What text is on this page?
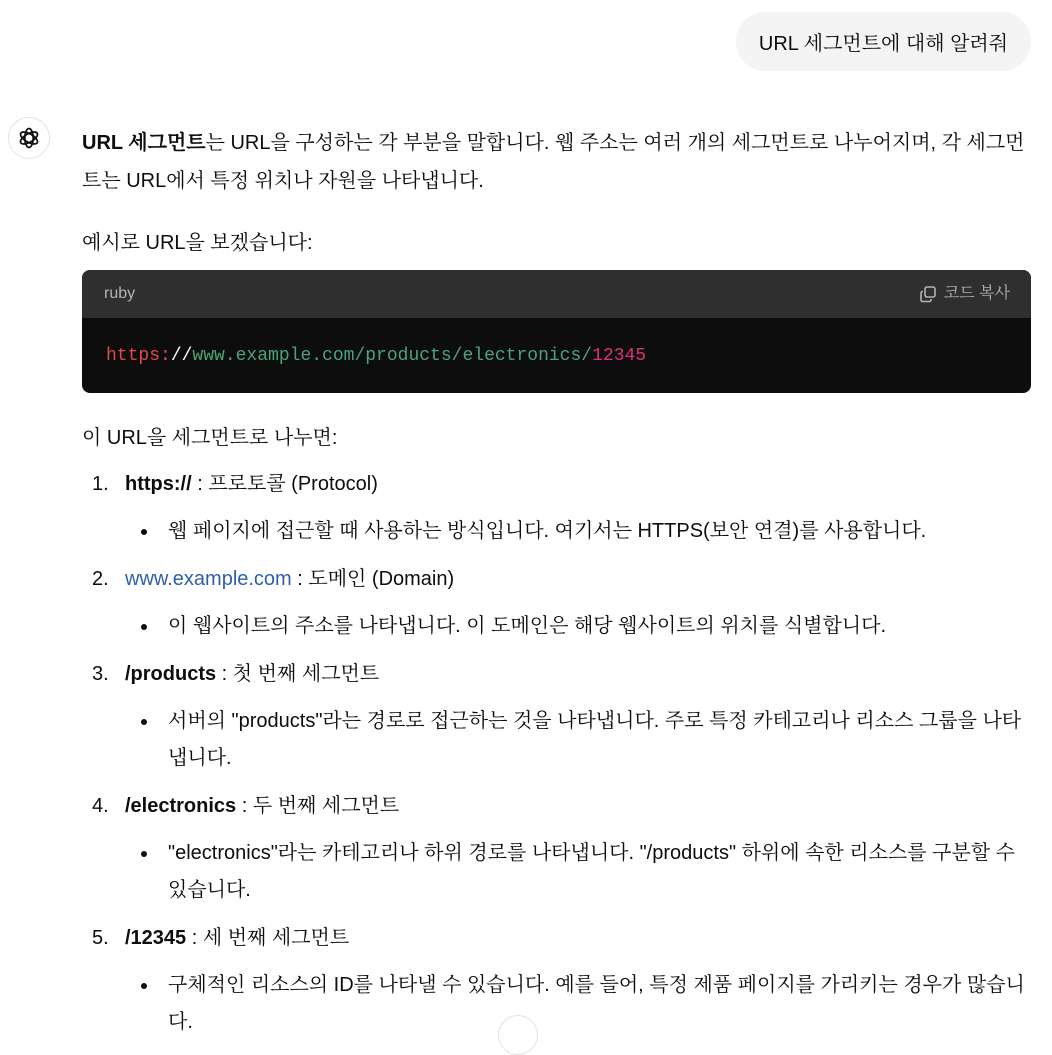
URL 세그먼트에 대해 알려줘

URL 세그먼트는 URL을 구성하는 각 부분을 말합니다. 웹 주소는 여러 개의 세그먼트로 나누어지며, 각 세그먼트는 URL에서 특정 위치나 자원을 나타냅니다.

예시로 URL을 보겠습니다:

ruby	코드 복사
https: // www.example.com/products/electronics/ 12345

이 URL을 세그먼트로 나누면:

1. https:// : 프로토콜 (Protocol)
웹 페이지에 접근할 때 사용하는 방식입니다. 여기서는 HTTPS(보안 연결)를 사용합니다.
2. www.example.com : 도메인 (Domain)
이 웹사이트의 주소를 나타냅니다. 이 도메인은 해당 웹사이트의 위치를 식별합니다.
3. /products : 첫 번째 세그먼트
서버의 "products"라는 경로로 접근하는 것을 나타냅니다. 주로 특정 카테고리나 리소스 그룹을 나타냅니다.
4. /electronics : 두 번째 세그먼트
"electronics"라는 카테고리나 하위 경로를 나타냅니다. "/products" 하위에 속한 리소스를 구분할 수 있습니다.
5. /12345 : 세 번째 세그먼트
구체적인 리소스의 ID를 나타낼 수 있습니다. 예를 들어, 특정 제품 페이지를 가리키는 경우가 많습니다.
